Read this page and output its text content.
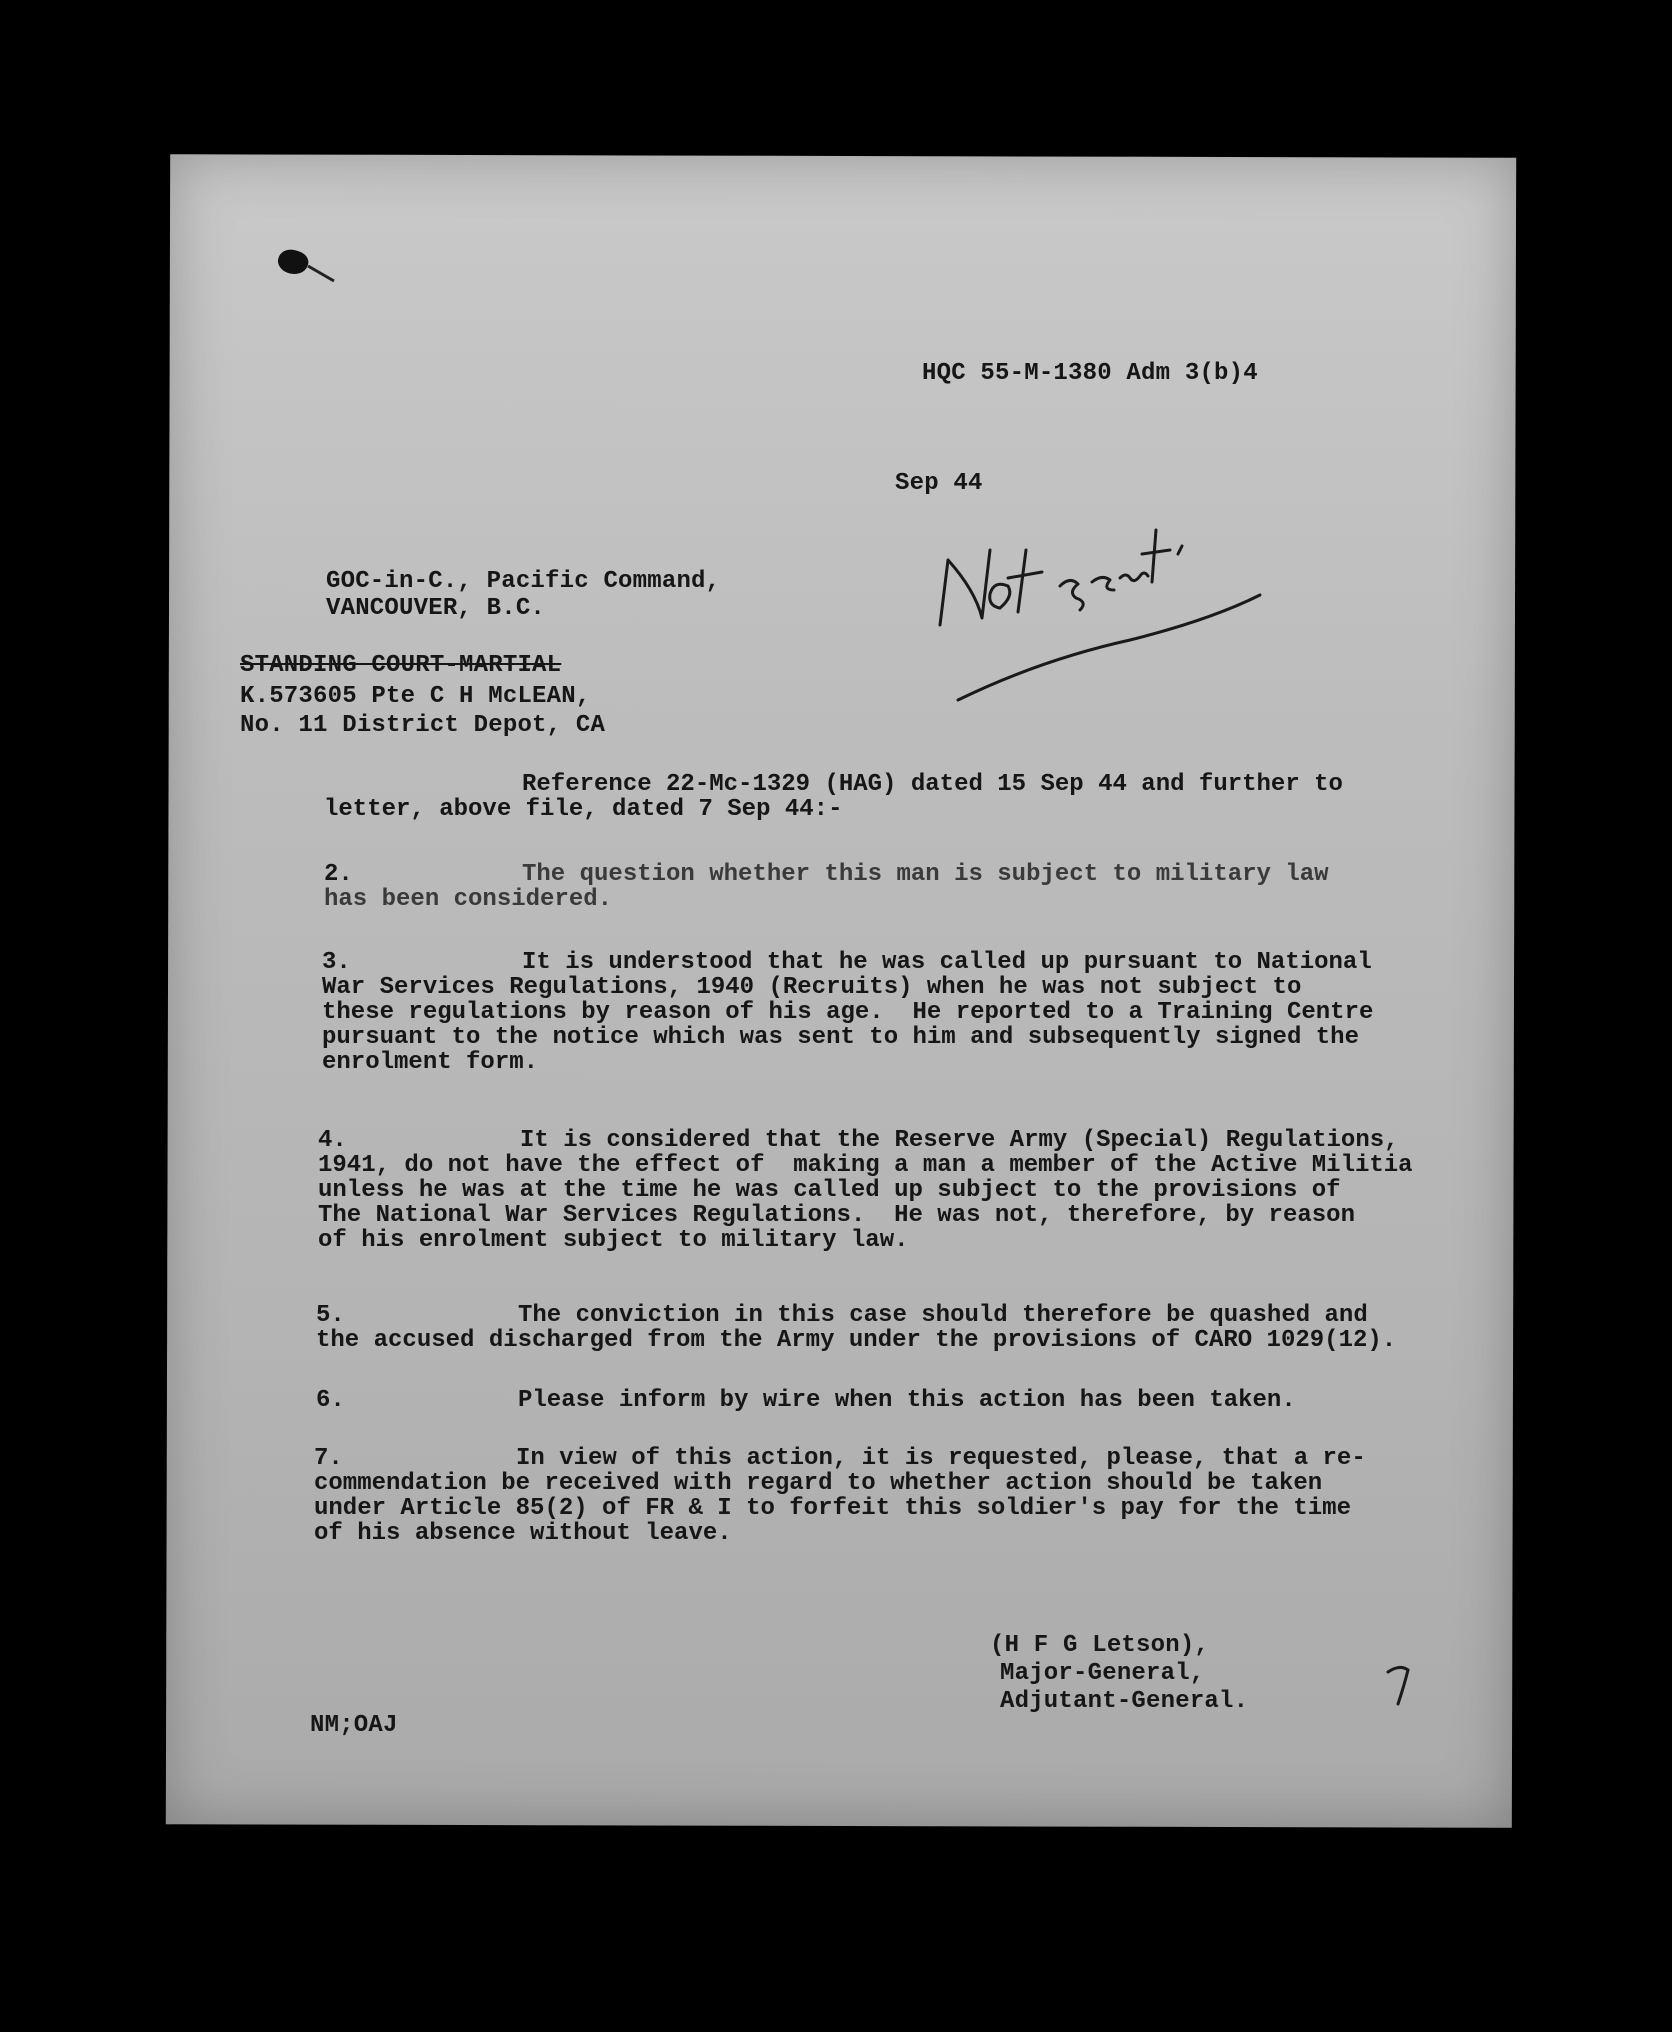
HQC 55-M-1380 Adm 3(b)4
Sep 44
GOC-in-C., Pacific Command,
VANCOUVER, B.C.
STANDING COURT-MARTIAL
K.573605 Pte C H McLEAN,
No. 11 District Depot, CA
Reference 22-Mc-1329 (HAG) dated 15 Sep 44 and further to
letter, above file, dated 7 Sep 44:-
2.	The question whether this man is subject to military law
has been considered.
3.	It is understood that he was called up pursuant to National
War Services Regulations, 1940 (Recruits) when he was not subject to
these regulations by reason of his age.  He reported to a Training Centre
pursuant to the notice which was sent to him and subsequently signed the
enrolment form.
4.	It is considered that the Reserve Army (Special) Regulations,
1941, do not have the effect of  making a man a member of the Active Militia
unless he was at the time he was called up subject to the provisions of
The National War Services Regulations.  He was not, therefore, by reason
of his enrolment subject to military law.
5.	The conviction in this case should therefore be quashed and
the accused discharged from the Army under the provisions of CARO 1029(12).
6.	Please inform by wire when this action has been taken.
7.	In view of this action, it is requested, please, that a re-
commendation be received with regard to whether action should be taken
under Article 85(2) of FR & I to forfeit this soldier's pay for the time
of his absence without leave.
(H F G Letson),
Major-General,
Adjutant-General.
NM;OAJ
